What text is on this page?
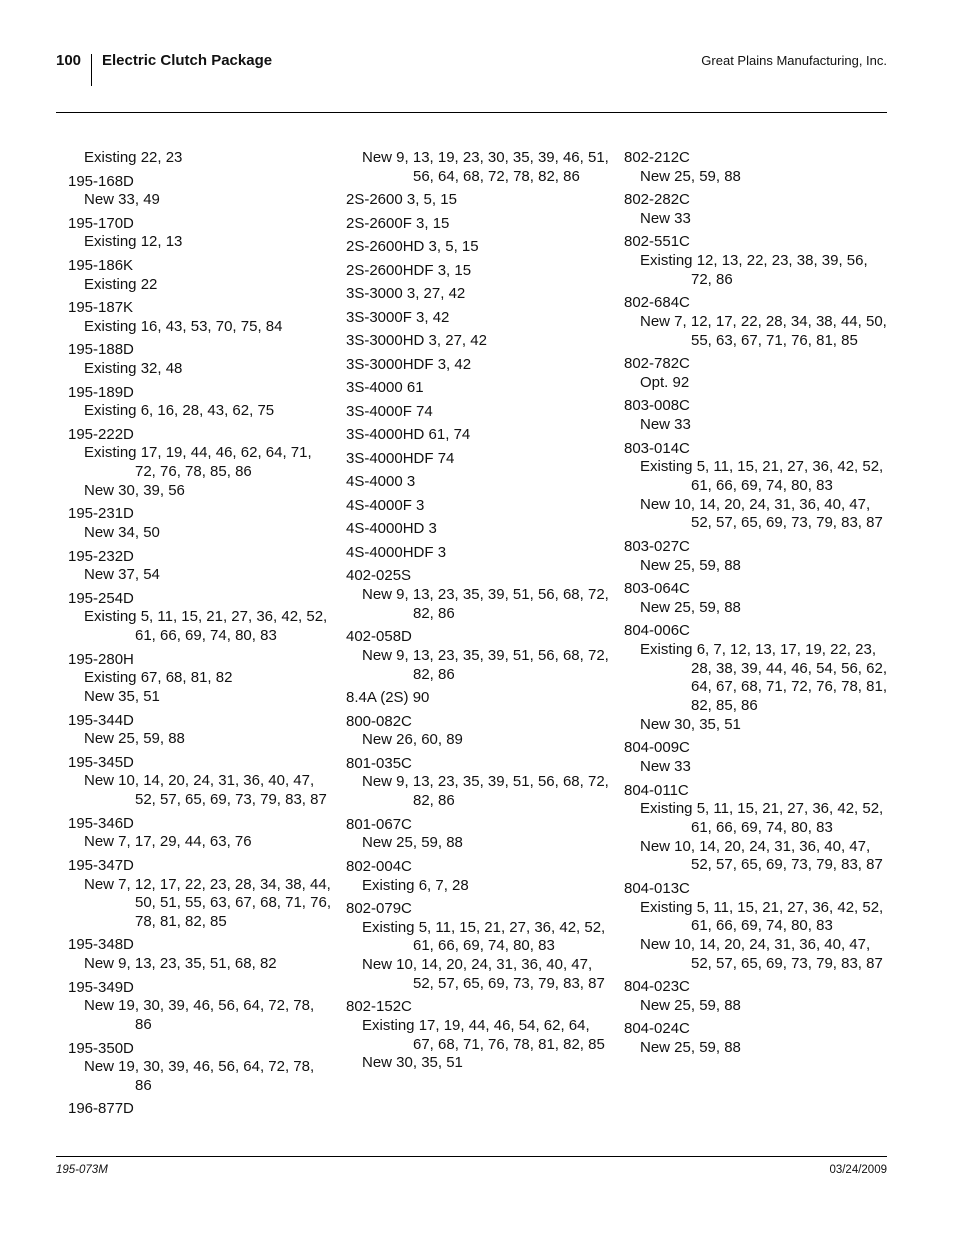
100 Electric Clutch Package	Great Plains Manufacturing, Inc.
Existing 22, 23
195-168D
New 33, 49
195-170D
Existing 12, 13
195-186K
Existing 22
195-187K
Existing 16, 43, 53, 70, 75, 84
195-188D
Existing 32, 48
195-189D
Existing 6, 16, 28, 43, 62, 75
195-222D
Existing 17, 19, 44, 46, 62, 64, 71, 72, 76, 78, 85, 86
New 30, 39, 56
195-231D
New 34, 50
195-232D
New 37, 54
195-254D
Existing 5, 11, 15, 21, 27, 36, 42, 52, 61, 66, 69, 74, 80, 83
195-280H
Existing 67, 68, 81, 82
New 35, 51
195-344D
New 25, 59, 88
195-345D
New 10, 14, 20, 24, 31, 36, 40, 47, 52, 57, 65, 69, 73, 79, 83, 87
195-346D
New 7, 17, 29, 44, 63, 76
195-347D
New 7, 12, 17, 22, 23, 28, 34, 38, 44, 50, 51, 55, 63, 67, 68, 71, 76, 78, 81, 82, 85
195-348D
New 9, 13, 23, 35, 51, 68, 82
195-349D
New 19, 30, 39, 46, 56, 64, 72, 78, 86
195-350D
New 19, 30, 39, 46, 56, 64, 72, 78, 86
196-877D
New 9, 13, 19, 23, 30, 35, 39, 46, 51, 56, 64, 68, 72, 78, 82, 86
2S-2600 3, 5, 15
2S-2600F 3, 15
2S-2600HD 3, 5, 15
2S-2600HDF 3, 15
3S-3000 3, 27, 42
3S-3000F 3, 42
3S-3000HD 3, 27, 42
3S-3000HDF 3, 42
3S-4000 61
3S-4000F 74
3S-4000HD 61, 74
3S-4000HDF 74
4S-4000 3
4S-4000F 3
4S-4000HD 3
4S-4000HDF 3
402-025S
New 9, 13, 23, 35, 39, 51, 56, 68, 72, 82, 86
402-058D
New 9, 13, 23, 35, 39, 51, 56, 68, 72, 82, 86
8.4A (2S) 90
800-082C
New 26, 60, 89
801-035C
New 9, 13, 23, 35, 39, 51, 56, 68, 72, 82, 86
801-067C
New 25, 59, 88
802-004C
Existing 6, 7, 28
802-079C
Existing 5, 11, 15, 21, 27, 36, 42, 52, 61, 66, 69, 74, 80, 83
New 10, 14, 20, 24, 31, 36, 40, 47, 52, 57, 65, 69, 73, 79, 83, 87
802-152C
Existing 17, 19, 44, 46, 54, 62, 64, 67, 68, 71, 76, 78, 81, 82, 85
New 30, 35, 51
802-212C
New 25, 59, 88
802-282C
New 33
802-551C
Existing 12, 13, 22, 23, 38, 39, 56, 72, 86
802-684C
New 7, 12, 17, 22, 28, 34, 38, 44, 50, 55, 63, 67, 71, 76, 81, 85
802-782C
Opt. 92
803-008C
New 33
803-014C
Existing 5, 11, 15, 21, 27, 36, 42, 52, 61, 66, 69, 74, 80, 83
New 10, 14, 20, 24, 31, 36, 40, 47, 52, 57, 65, 69, 73, 79, 83, 87
803-027C
New 25, 59, 88
803-064C
New 25, 59, 88
804-006C
Existing 6, 7, 12, 13, 17, 19, 22, 23, 28, 38, 39, 44, 46, 54, 56, 62, 64, 67, 68, 71, 72, 76, 78, 81, 82, 85, 86
New 30, 35, 51
804-009C
New 33
804-011C
Existing 5, 11, 15, 21, 27, 36, 42, 52, 61, 66, 69, 74, 80, 83
New 10, 14, 20, 24, 31, 36, 40, 47, 52, 57, 65, 69, 73, 79, 83, 87
804-013C
Existing 5, 11, 15, 21, 27, 36, 42, 52, 61, 66, 69, 74, 80, 83
New 10, 14, 20, 24, 31, 36, 40, 47, 52, 57, 65, 69, 73, 79, 83, 87
804-023C
New 25, 59, 88
804-024C
New 25, 59, 88
195-073M	03/24/2009
